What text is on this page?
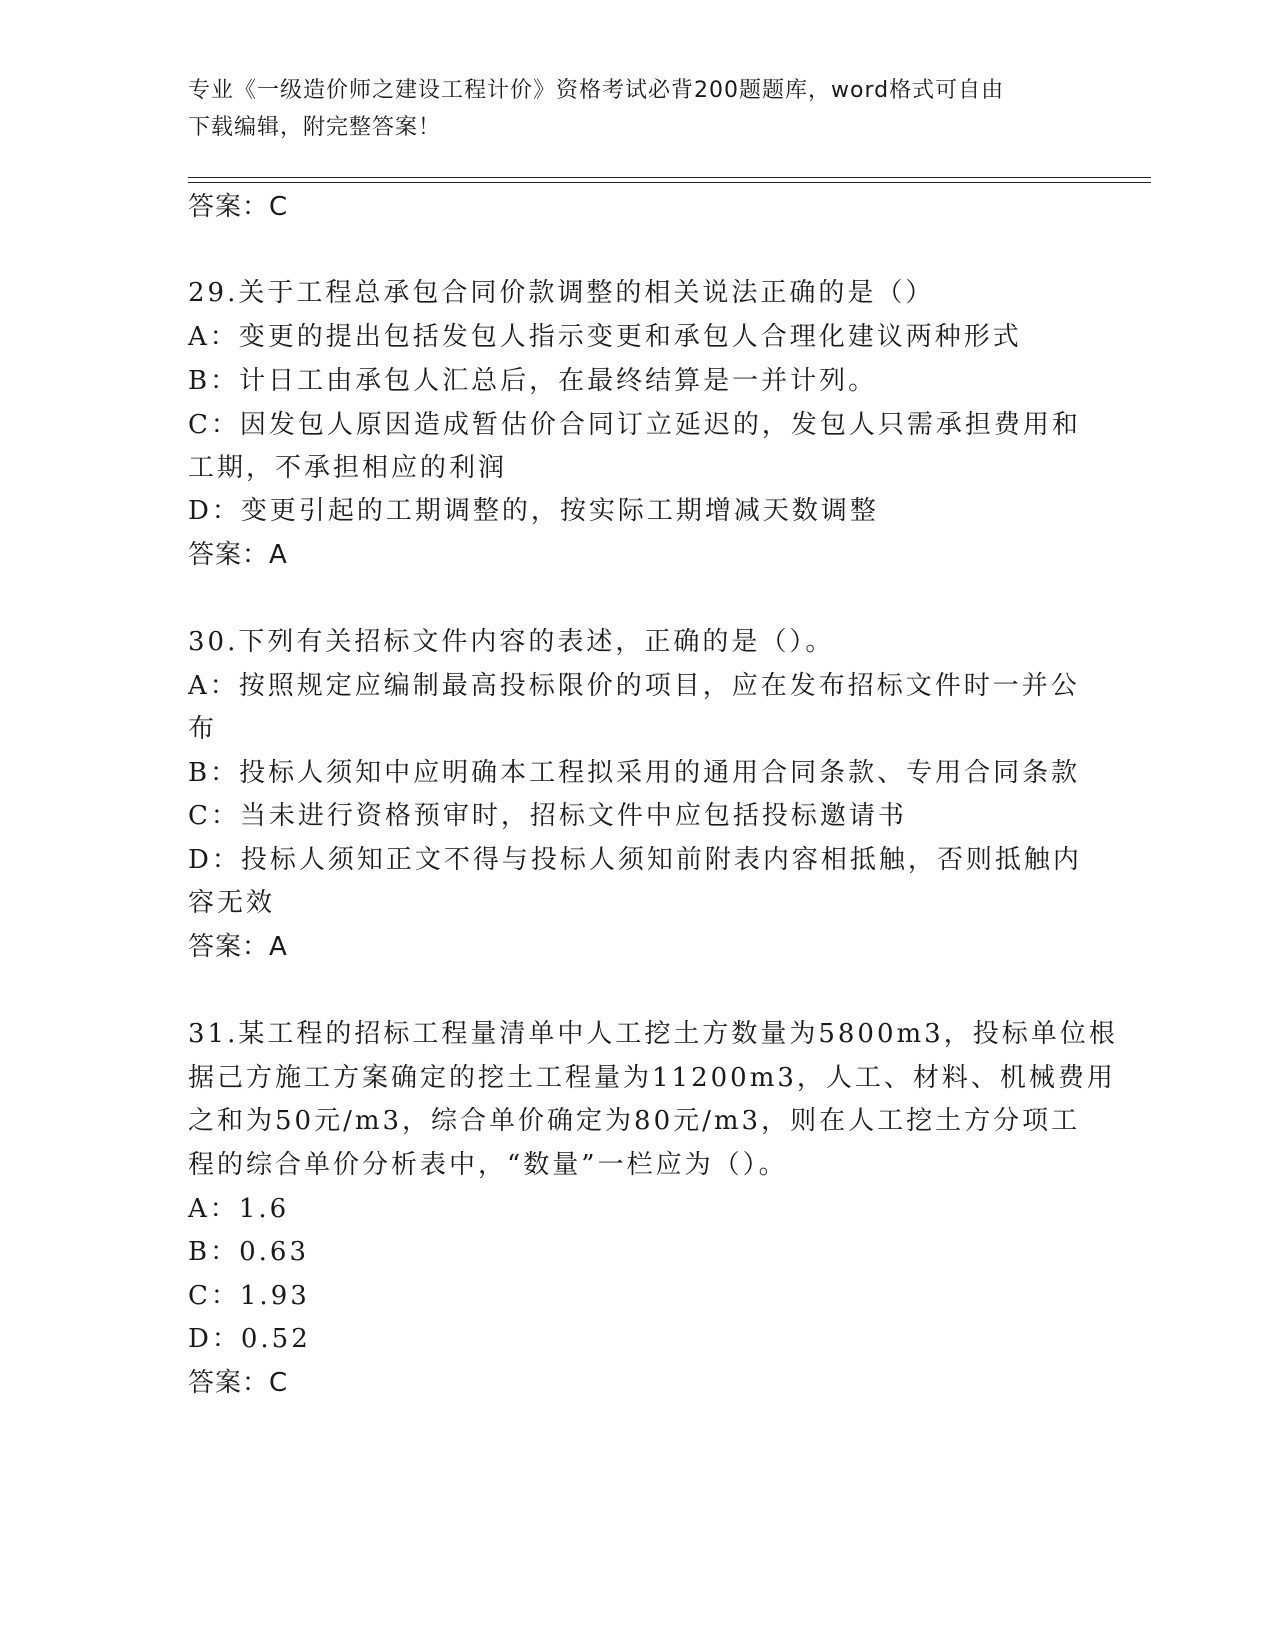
专业《一级造价师之建设工程计价》资格考试必背200题题库，word格式可自由
下载编辑，附完整答案！
答案：C
29.关于工程总承包合同价款调整的相关说法正确的是（）
A：变更的提出包括发包人指示变更和承包人合理化建议两种形式
B：计日工由承包人汇总后，在最终结算是一并计列。
C：因发包人原因造成暂估价合同订立延迟的，发包人只需承担费用和
工期，不承担相应的利润
D：变更引起的工期调整的，按实际工期增减天数调整
答案：A
30.下列有关招标文件内容的表述，正确的是（）。
A：按照规定应编制最高投标限价的项目，应在发布招标文件时一并公
布
B：投标人须知中应明确本工程拟采用的通用合同条款、专用合同条款
C：当未进行资格预审时，招标文件中应包括投标邀请书
D：投标人须知正文不得与投标人须知前附表内容相抵触，否则抵触内
容无效
答案：A
31.某工程的招标工程量清单中人工挖土方数量为5800m3，投标单位根
据己方施工方案确定的挖土工程量为11200m3，人工、材料、机械费用
之和为50元/m3，综合单价确定为80元/m3，则在人工挖土方分项工
程的综合单价分析表中，“数量”一栏应为（）。
A：1.6
B：0.63
C：1.93
D：0.52
答案：C
